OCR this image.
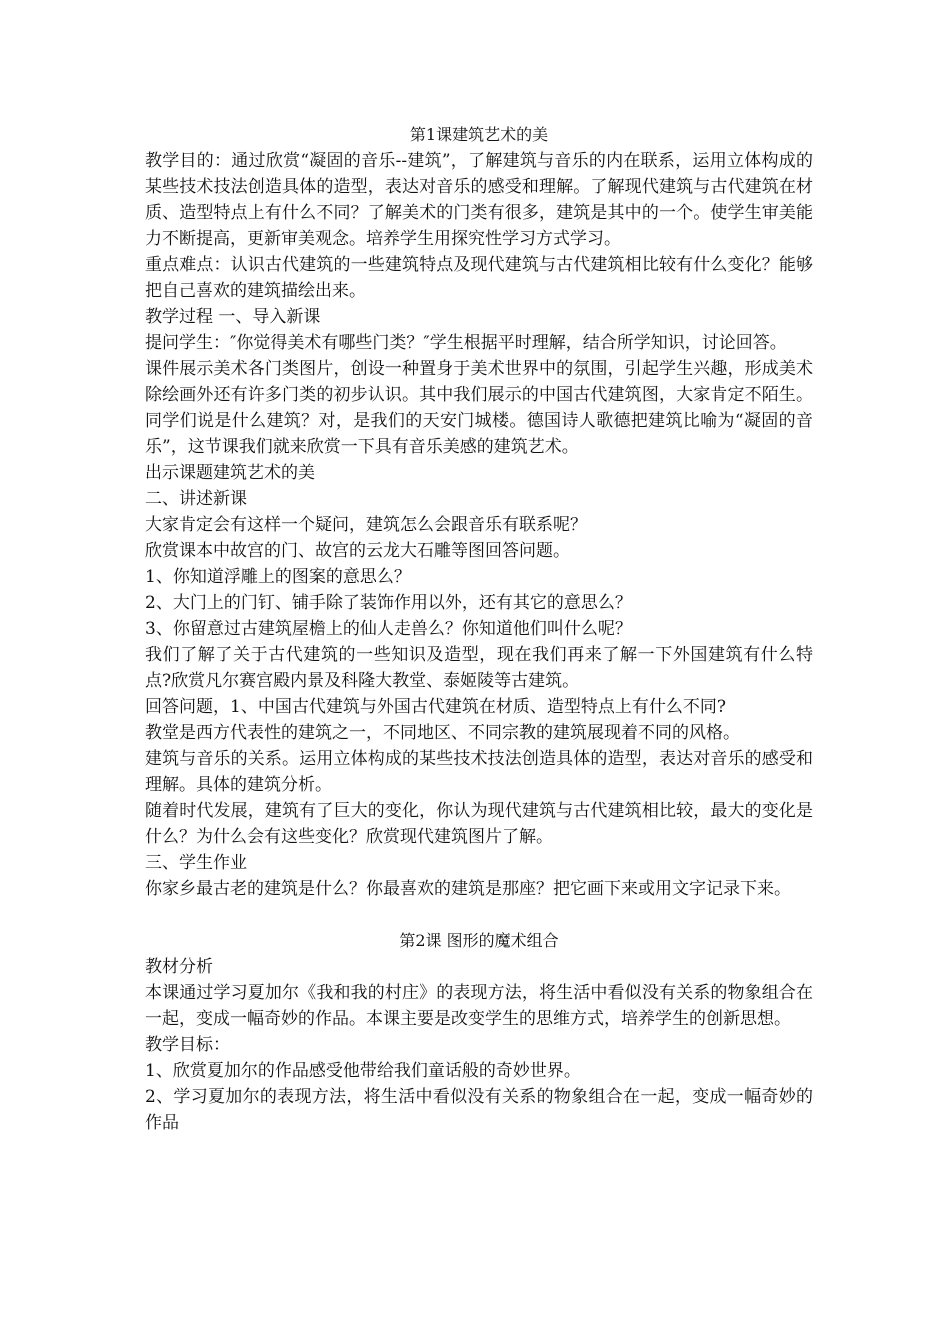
第1课建筑艺术的美

教学目的：通过欣赏“凝固的音乐--建筑”，了解建筑与音乐的内在联系，运用立体构成的某些技术技法创造具体的造型，表达对音乐的感受和理解。了解现代建筑与古代建筑在材质、造型特点上有什么不同？了解美术的门类有很多，建筑是其中的一个。使学生审美能力不断提高，更新审美观念。培养学生用探究性学习方式学习。

重点难点：认识古代建筑的一些建筑特点及现代建筑与古代建筑相比较有什么变化？能够把自己喜欢的建筑描绘出来。

教学过程 一、导入新课

提问学生：″你觉得美术有哪些门类？″学生根据平时理解，结合所学知识，讨论回答。

课件展示美术各门类图片，创设一种置身于美术世界中的氛围，引起学生兴趣，形成美术除绘画外还有许多门类的初步认识。其中我们展示的中国古代建筑图，大家肯定不陌生。同学们说是什么建筑？对，是我们的天安门城楼。德国诗人歌德把建筑比喻为“凝固的音乐”，这节课我们就来欣赏一下具有音乐美感的建筑艺术。

出示课题建筑艺术的美

二、讲述新课

大家肯定会有这样一个疑问，建筑怎么会跟音乐有联系呢？

欣赏课本中故宫的门、故宫的云龙大石雕等图回答问题。

1、你知道浮雕上的图案的意思么？

2、大门上的门钉、铺手除了装饰作用以外，还有其它的意思么？

3、你留意过古建筑屋檐上的仙人走兽么？你知道他们叫什么呢？

我们了解了关于古代建筑的一些知识及造型，现在我们再来了解一下外国建筑有什么特点?欣赏凡尔赛宫殿内景及科隆大教堂、泰姬陵等古建筑。

回答问题，1、中国古代建筑与外国古代建筑在材质、造型特点上有什么不同?

教堂是西方代表性的建筑之一，不同地区、不同宗教的建筑展现着不同的风格。

建筑与音乐的关系。运用立体构成的某些技术技法创造具体的造型，表达对音乐的感受和理解。具体的建筑分析。

随着时代发展，建筑有了巨大的变化，你认为现代建筑与古代建筑相比较，最大的变化是什么？为什么会有这些变化？欣赏现代建筑图片了解。

三、学生作业

你家乡最古老的建筑是什么？你最喜欢的建筑是那座？把它画下来或用文字记录下来。

第2课 图形的魔术组合

教材分析

本课通过学习夏加尔《我和我的村庄》的表现方法，将生活中看似没有关系的物象组合在一起，变成一幅奇妙的作品。本课主要是改变学生的思维方式，培养学生的创新思想。

教学目标：

1、欣赏夏加尔的作品感受他带给我们童话般的奇妙世界。

2、学习夏加尔的表现方法，将生活中看似没有关系的物象组合在一起，变成一幅奇妙的作品
